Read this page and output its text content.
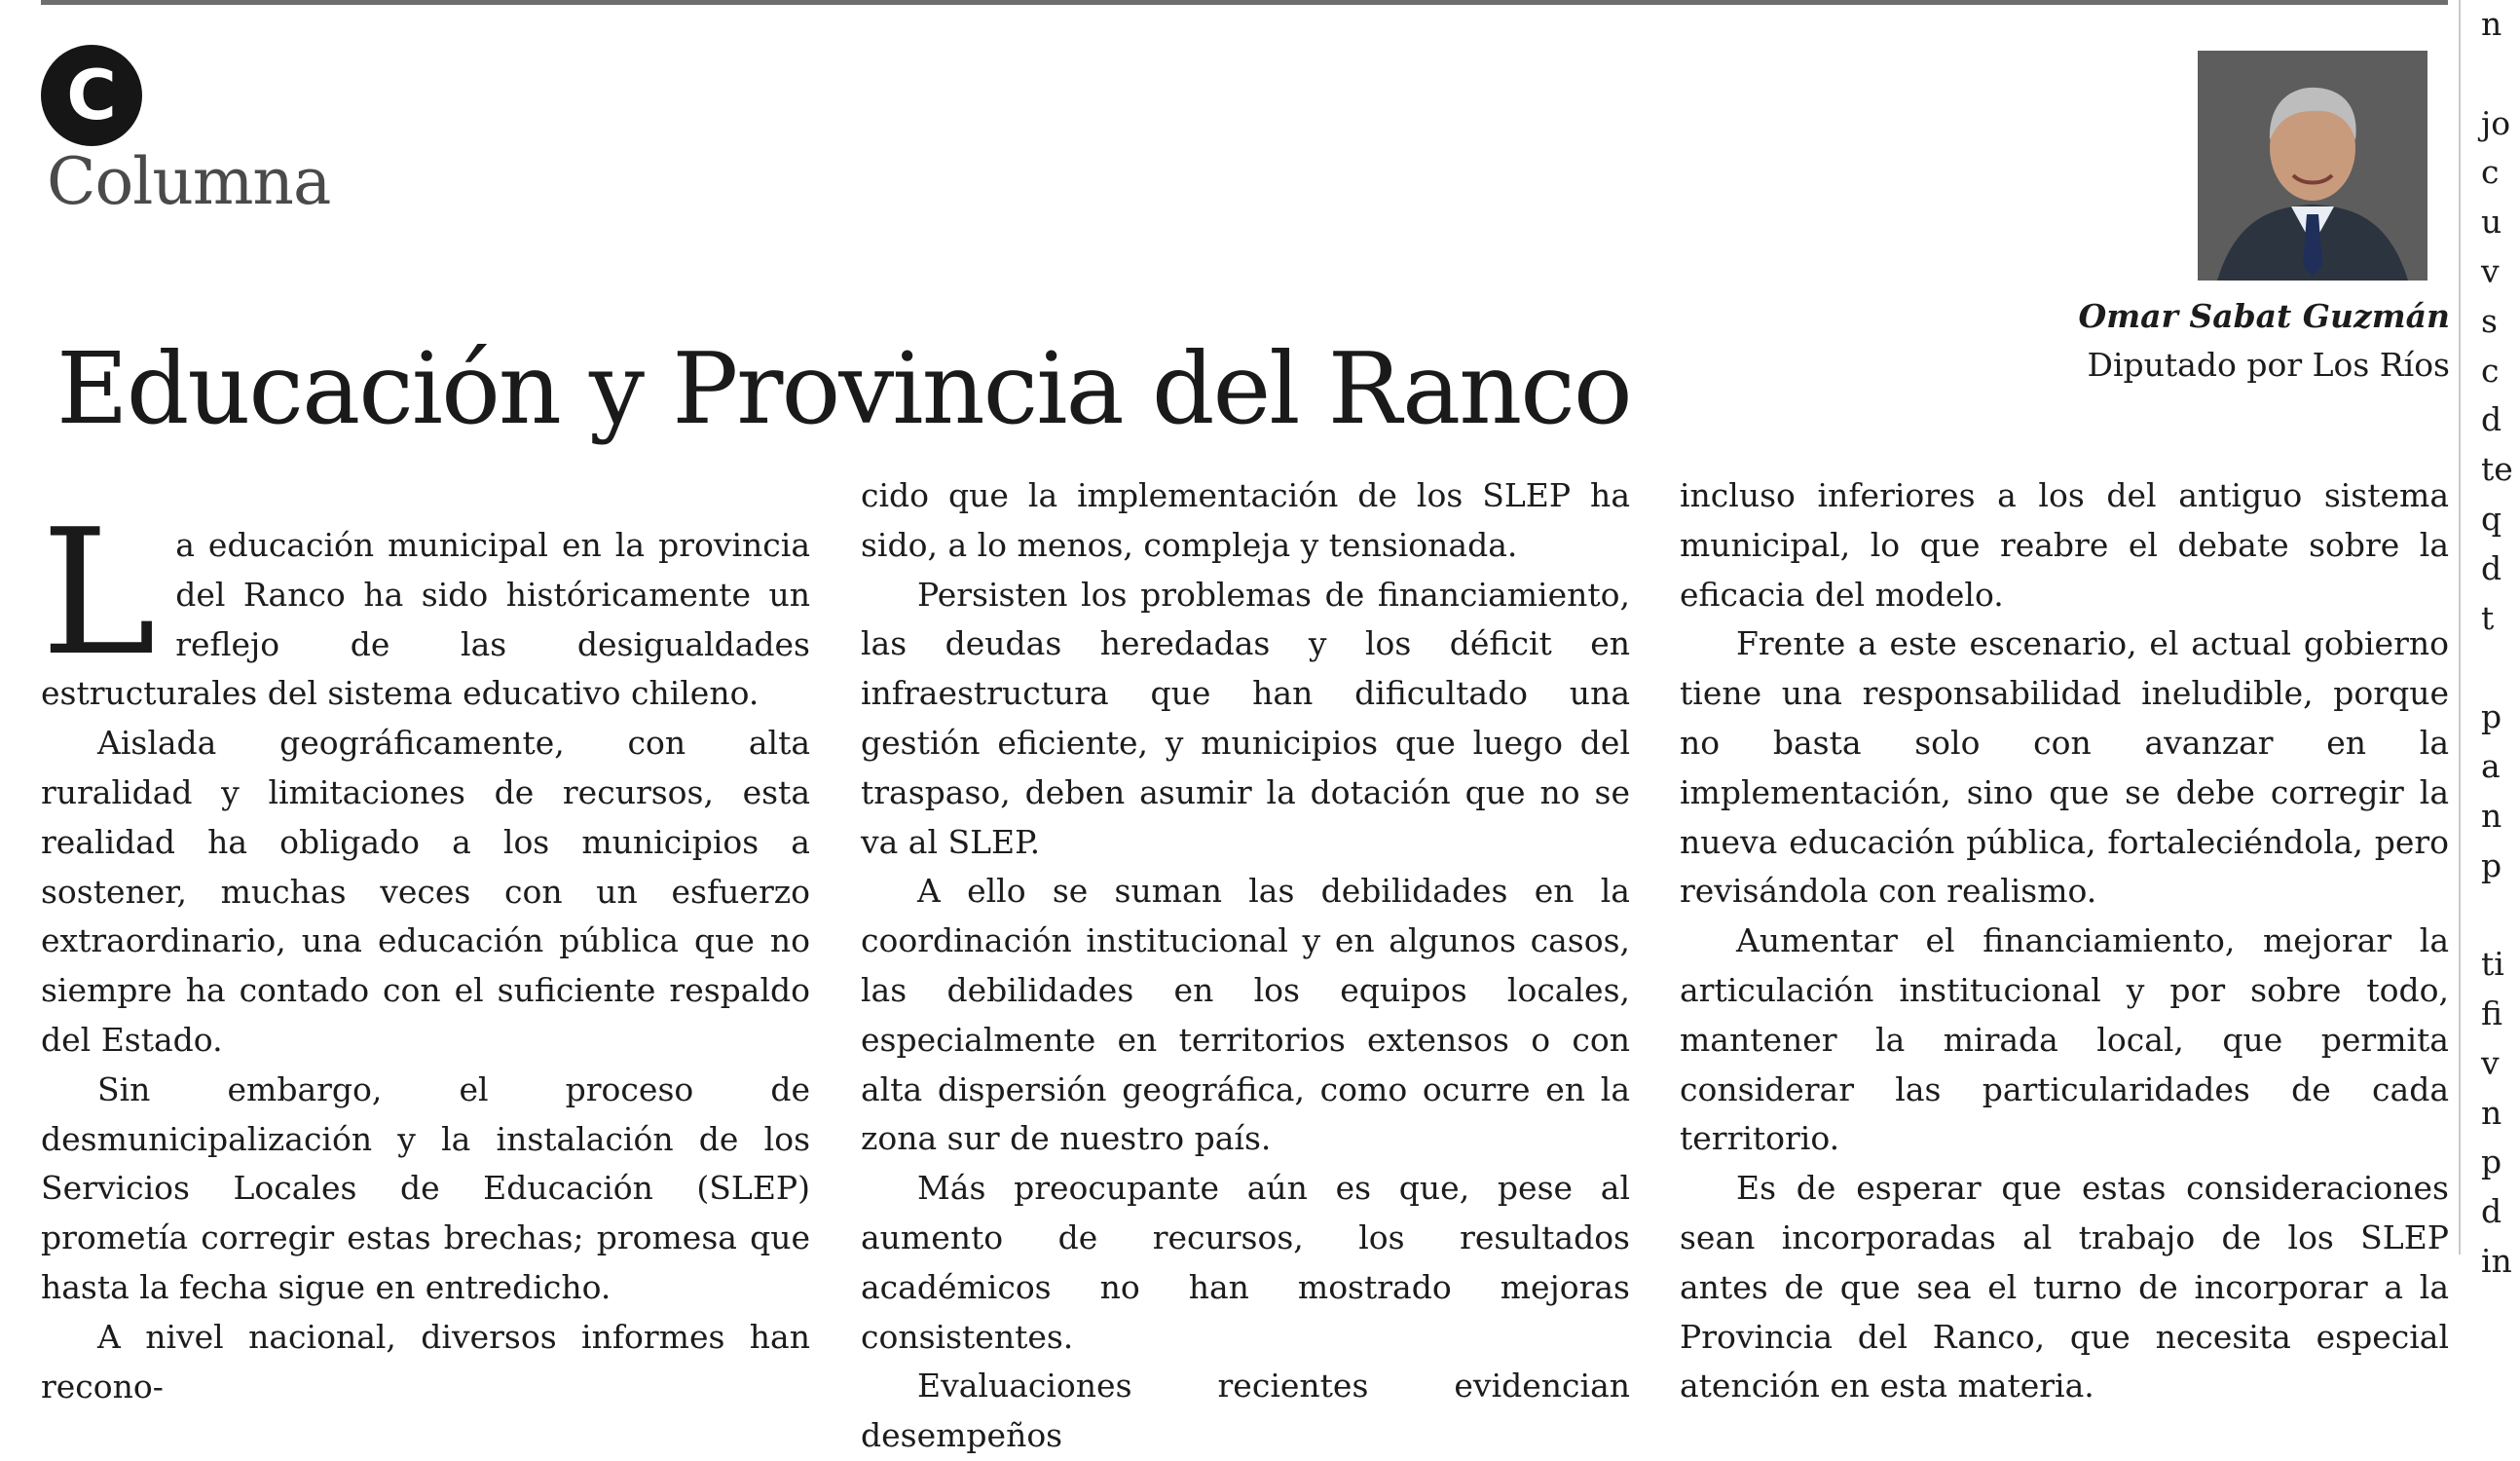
C
Columna
Omar Sabat Guzmán
Diputado por Los Ríos
Educación y Provincia del Ranco

La educación municipal en la provincia del Ranco ha sido históricamente un reflejo de las desigualdades estructurales del sistema educativo chileno.

Aislada geográficamente, con alta ruralidad y limitaciones de recursos, esta realidad ha obligado a los municipios a sostener, muchas veces con un esfuerzo extraordinario, una educación pública que no siempre ha contado con el suficiente respaldo del Estado.

Sin embargo, el proceso de desmunicipalización y la instalación de los Servicios Locales de Educación (SLEP) prometía corregir estas brechas; promesa que hasta la fecha sigue en entredicho.

A nivel nacional, diversos informes han recono-

cido que la implementación de los SLEP ha sido, a lo menos, compleja y tensionada.

Persisten los problemas de financiamiento, las deudas heredadas y los déficit en infraestructura que han dificultado una gestión eficiente, y municipios que luego del traspaso, deben asumir la dotación que no se va al SLEP.

A ello se suman las debilidades en la coordinación institucional y en algunos casos, las debilidades en los equipos locales, especialmente en territorios extensos o con alta dispersión geográfica, como ocurre en la zona sur de nuestro país.

Más preocupante aún es que, pese al aumento de recursos, los resultados académicos no han mostrado mejoras consistentes.

Evaluaciones recientes evidencian desempeños

incluso inferiores a los del antiguo sistema municipal, lo que reabre el debate sobre la eficacia del modelo.

Frente a este escenario, el actual gobierno tiene una responsabilidad ineludible, porque no basta solo con avanzar en la implementación, sino que se debe corregir la nueva educación pública, fortaleciéndola, pero revisándola con realismo.

Aumentar el financiamiento, mejorar la articulación institucional y por sobre todo, mantener la mirada local, que permita considerar las particularidades de cada territorio.

Es de esperar que estas consideraciones sean incorporadas al trabajo de los SLEP antes de que sea el turno de incorporar a la Provincia del Ranco, que necesita especial atención en esta materia.

n
jo
c
u
v
s
c
d
te
q
d
t
p
a
n
p
ti
fi
v
n
p
d
in
